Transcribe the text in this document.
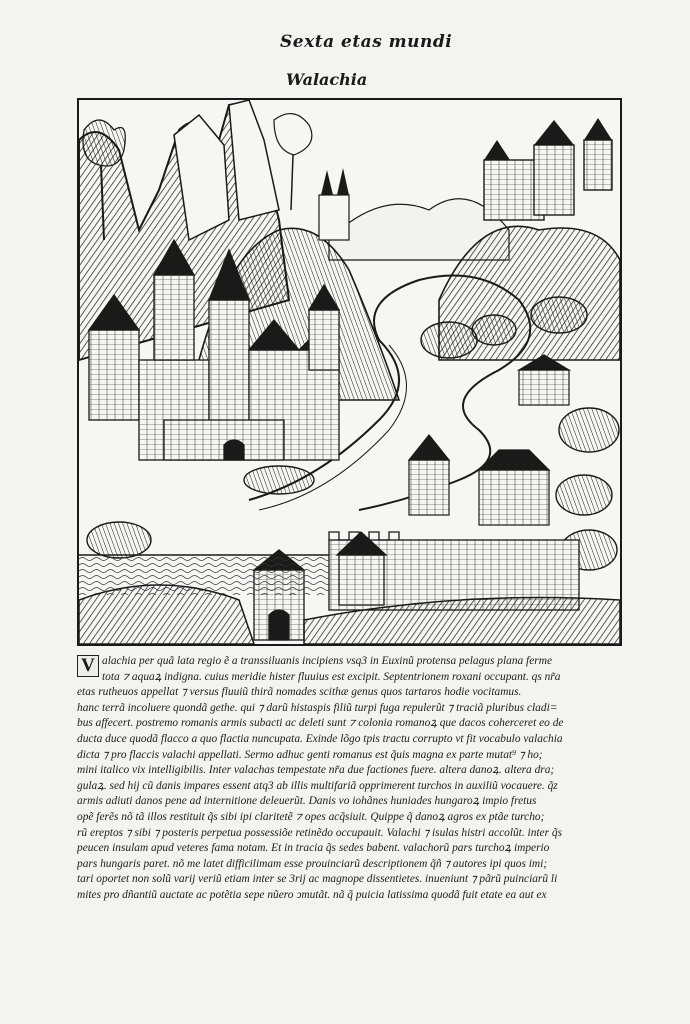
Sexta etas mundi
Walachia
V alachia per quã lata regio ẽ a transsiluanis incipiens vsq3 in Euxinũ protensa pelagus plana ferme
tota ⁊ aquaꝝ indigna. cuius meridie hister fluuius est excipit. Septentrionem roxani occupant. qs nr̃a
etas rutheuos appellat ⁊ versus fluuiũ thirã nomades scithæ genus quos tartaros hodie vocitamus.
hanc terrã incoluere quondã gethe. qui ⁊ darũ histaspis filiũ turpi fuga repulerũt ⁊ traciã pluribus cladi=
bus affecert. postremo romanis armis subacti ac deleti sunt ⁊ colonia romanoꝝ que dacos coherceret eo de
ducta duce quodã flacco a quo flactia nuncupata. Exinde lõgo tpis tractu corrupto vt fit vocabulo valachia
dicta ⁊ pro flaccis valachi appellati. Sermo adhuc genti romanus est q̃uis magna ex parte mutat⁹ ⁊ ho;
mini italico vix intelligibilis. Inter valachas tempestate nr̃a due factiones fuere. altera danoꝝ. altera dra;
gulaꝝ. sed hij cũ danis impares essent atq3 ab illis multifariã opprimerent turchos in auxiliũ vocauere. q̃z
armis adiuti danos pene ad internitione deleuerũt. Danis vo iohãnes huniades hungaroꝝ impio fretus
opẽ ferẽs nõ tã illos restituit q̃s sibi ipi claritetẽ ⁊ opes acq̃siuit. Quippe q̃ danoꝝ agros ex ptãe turcho;
rũ ereptos ⁊ sibi ⁊ posteris perpetua possessiõe retinẽdo occupauit. Valachi ⁊ isulas histri accolũt. inter q̃s
peucen insulam apud veteres fama notam. Et in tracia q̃s sedes babent. valachorũ pars turchoꝝ imperio
pars hungaris paret. nõ me latet difficilimam esse prouinciarũ descriptionem q̃ñ ⁊ autores ipi quos imi;
tari oportet non solũ varij veriũ etiam inter se 3rij ac magnope dissentietes. inueniunt ⁊ pãrũ puinciarũ li
mites pro dñantiũ auctate ac potẽtia sepe nũero ↄmutãt. nã q̃ puicia latissima quodã fuit etate ea aut ex
